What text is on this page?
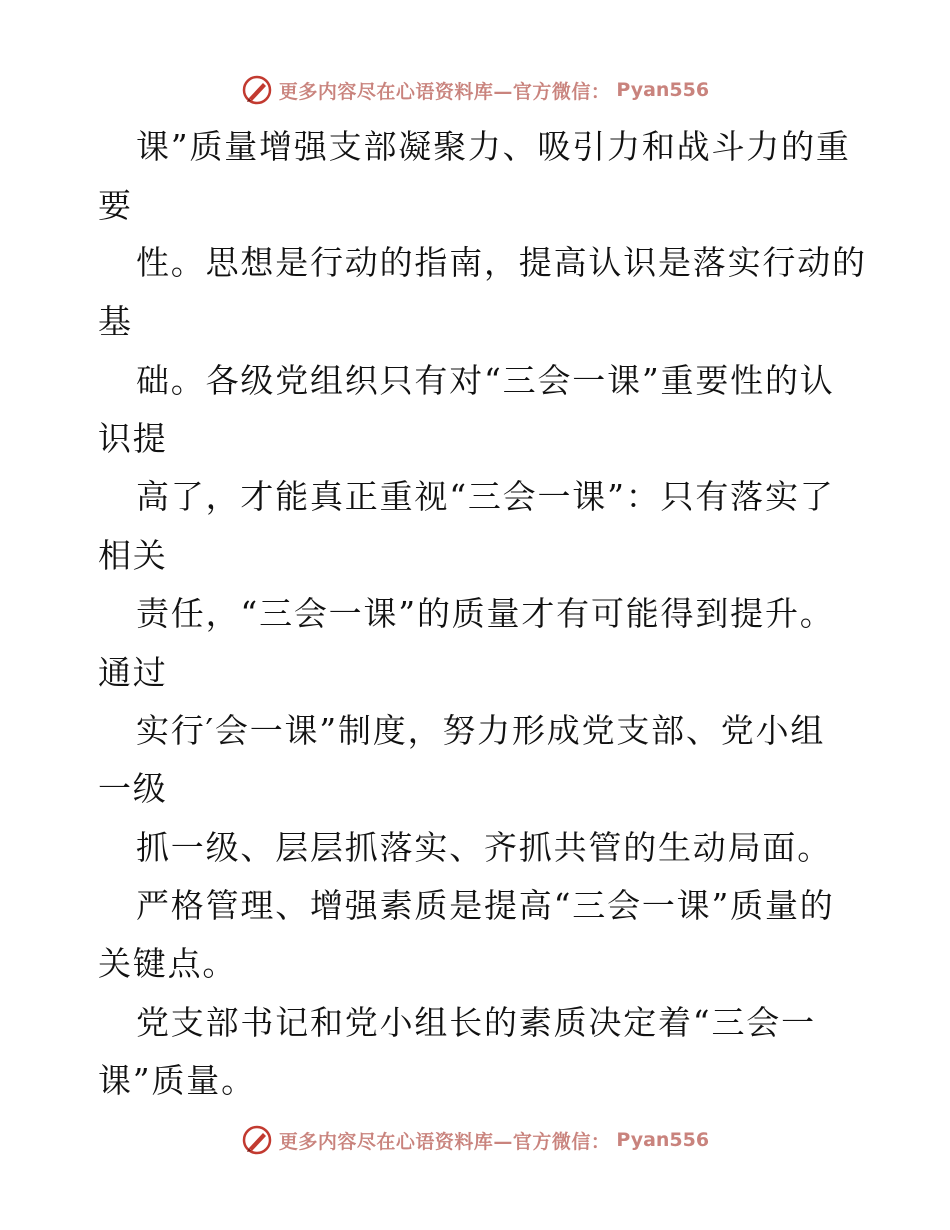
更多内容尽在心语资料库—官方微信： Pyan556
课”质量增强支部凝聚力、吸引力和战斗力的重
要
性。思想是行动的指南，提高认识是落实行动的
基
础。各级党组织只有对“三会一课”重要性的认
识提
高了，才能真正重视“三会一课”：只有落实了
相关
责任，“三会一课”的质量才有可能得到提升。
通过
实行′会一课”制度，努力形成党支部、党小组
一级
抓一级、层层抓落实、齐抓共管的生动局面。
严格管理、增强素质是提高“三会一课”质量的
关键点。
党支部书记和党小组长的素质决定着“三会一
课”质量。
更多内容尽在心语资料库—官方微信： Pyan556
